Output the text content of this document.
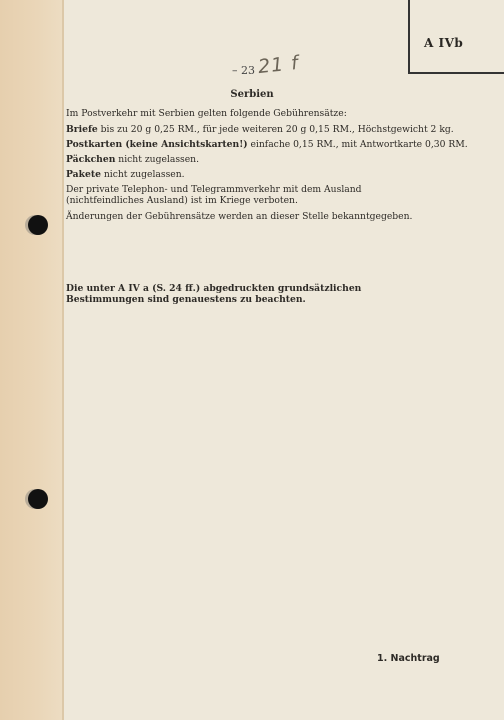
A IVb
– 23 21 f
Serbien

Im Postverkehr mit Serbien gelten folgende Gebührensätze:

Briefe bis zu 20 g 0,25 RM., für jede weiteren 20 g 0,15 RM., Höchstgewicht 2 kg.

Postkarten (keine Ansichtskarten!) einfache 0,15 RM., mit Antwortkarte 0,30 RM.

Päckchen nicht zugelassen.

Pakete nicht zugelassen.

Der private Telephon- und Telegrammverkehr mit dem Ausland (nichtfeindliches Ausland) ist im Kriege verboten.

Änderungen der Gebührensätze werden an dieser Stelle bekanntgegeben.

Die unter A IV a (S. 24 ff.) abgedruckten grundsätzlichen Bestimmungen sind genauestens zu beachten.

1. Nachtrag
